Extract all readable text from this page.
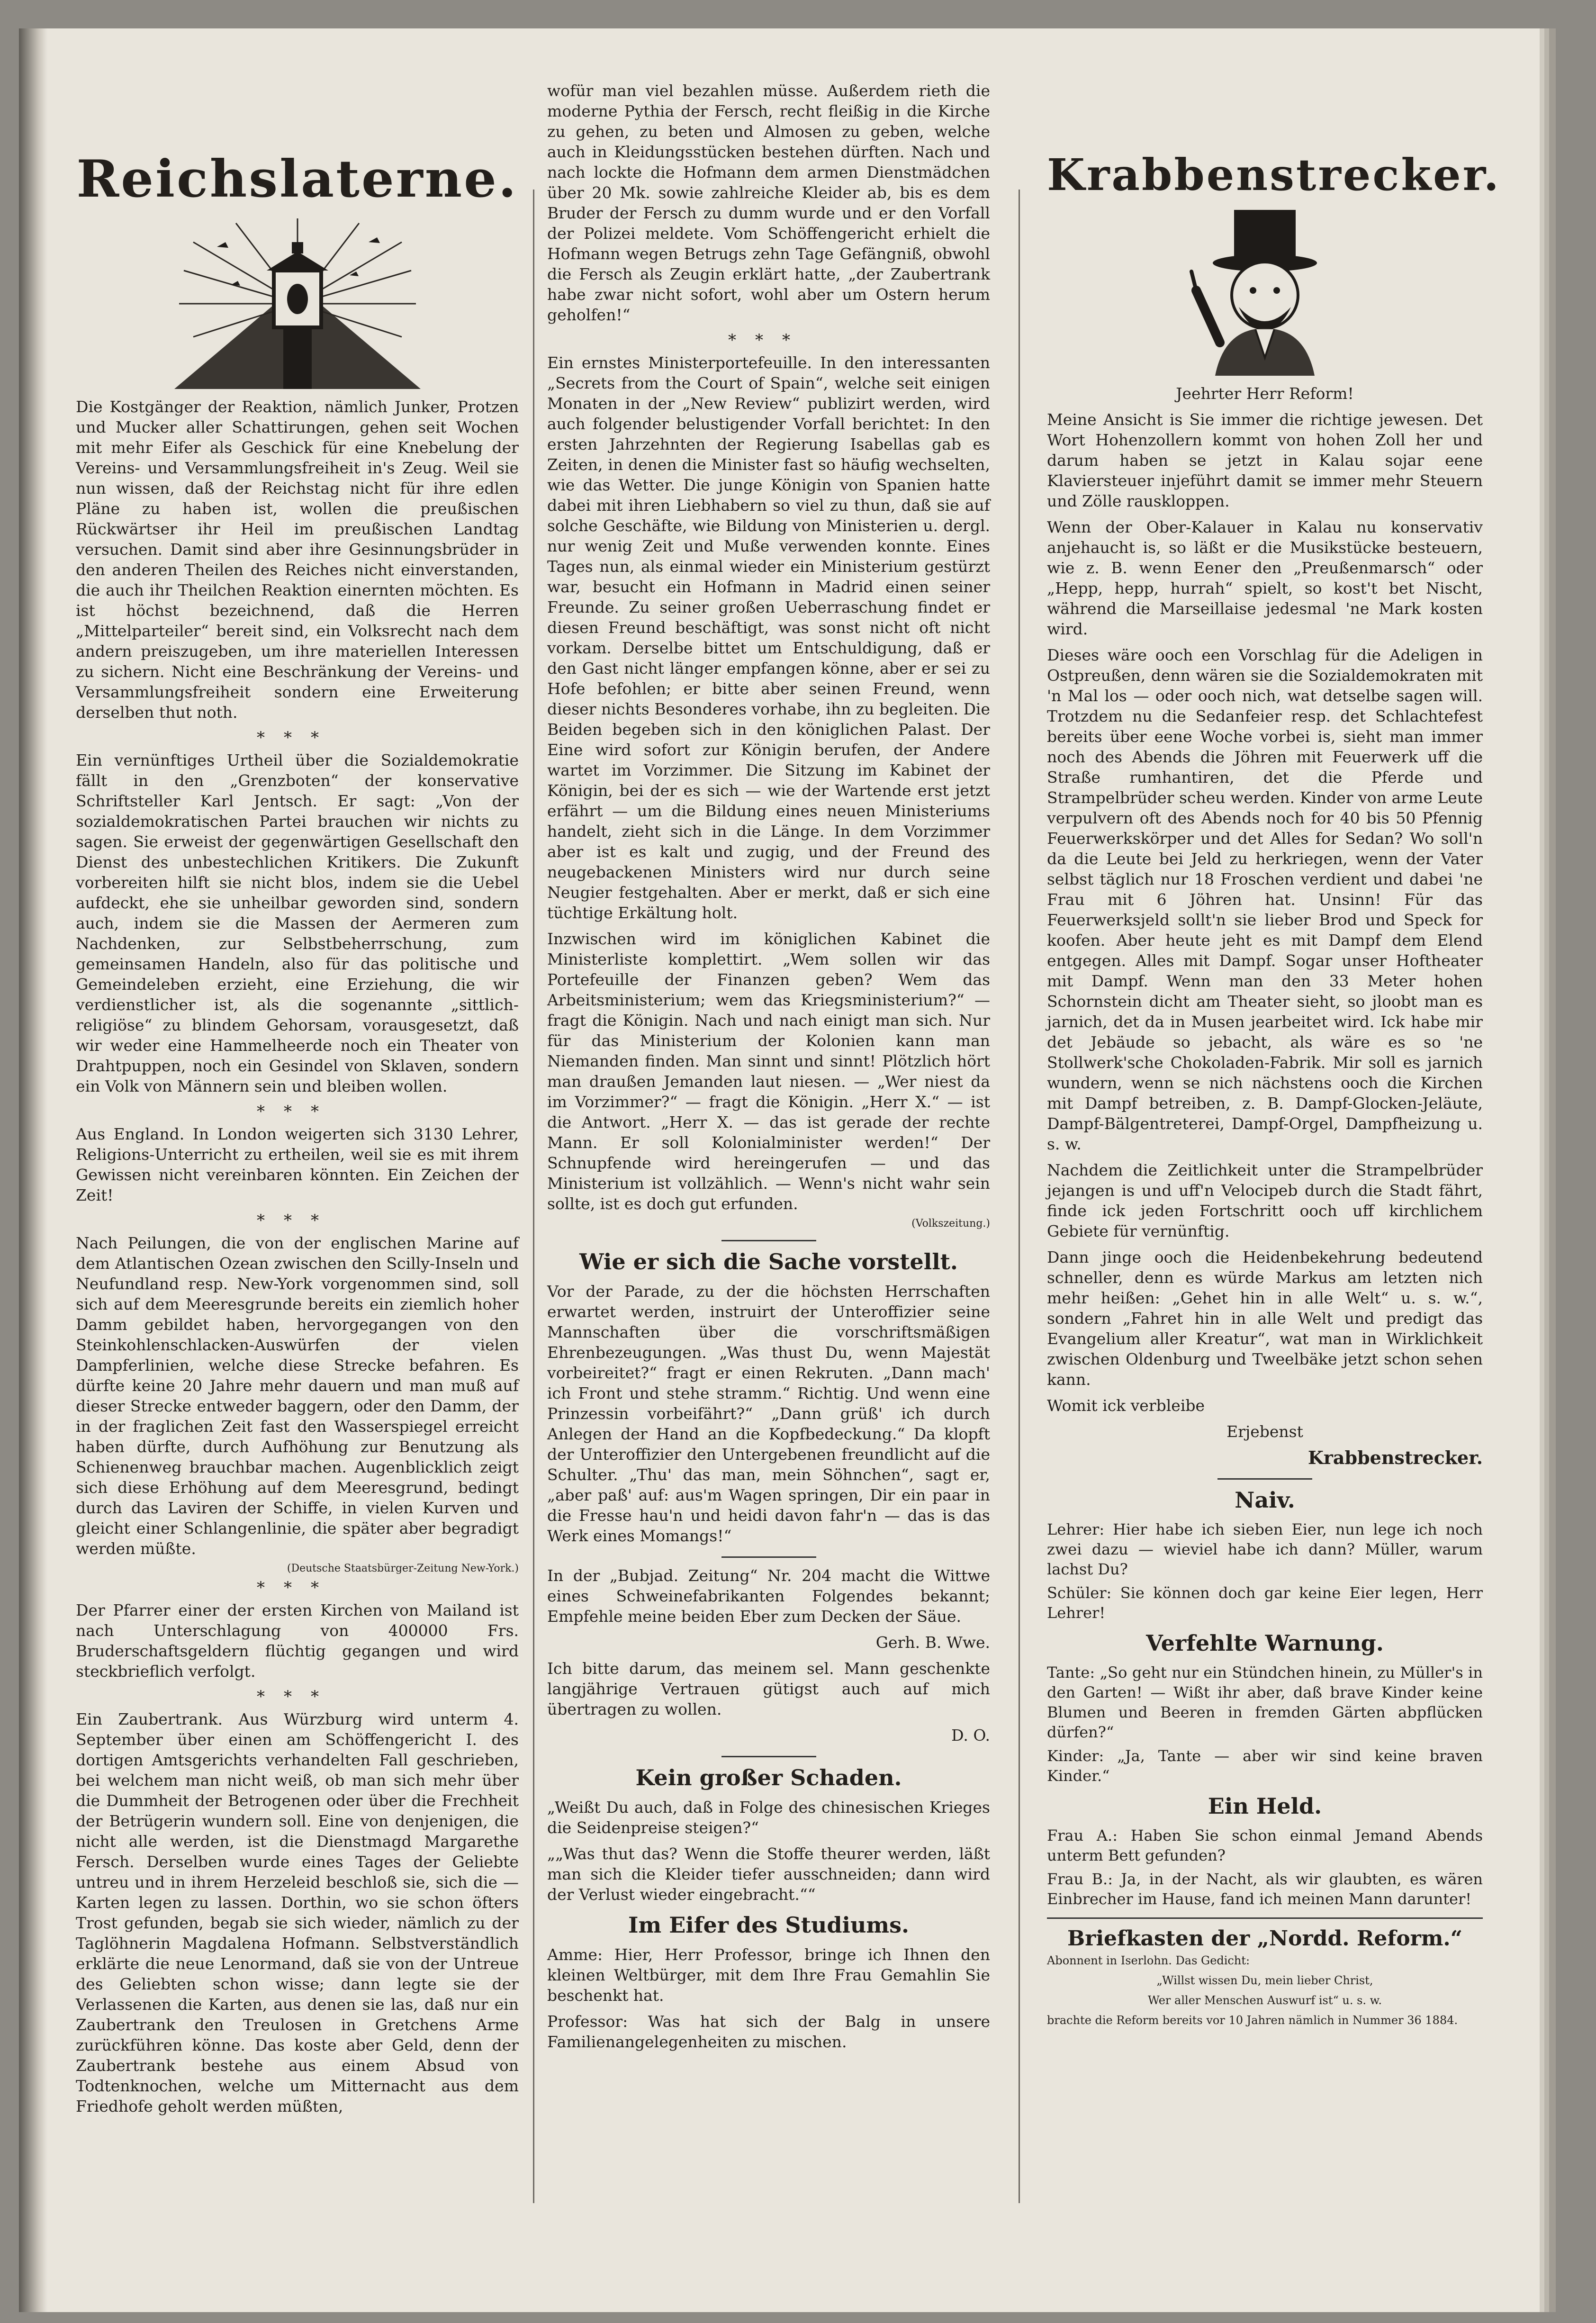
Reichslaterne.

Die Kostgänger der Reaktion, nämlich Junker, Protzen und Mucker aller Schattirungen, gehen seit Wochen mit mehr Eifer als Geschick für eine Knebelung der Vereins- und Versammlungsfreiheit in's Zeug. Weil sie nun wissen, daß der Reichstag nicht für ihre edlen Pläne zu haben ist, wollen die preußischen Rückwärtser ihr Heil im preußischen Landtag versuchen. Damit sind aber ihre Gesinnungsbrüder in den anderen Theilen des Reiches nicht einverstanden, die auch ihr Theilchen Reaktion einernten möchten. Es ist höchst bezeichnend, daß die Herren „Mittelparteiler“ bereit sind, ein Volksrecht nach dem andern preiszugeben, um ihre materiellen Interessen zu sichern. Nicht eine Beschränkung der Vereins- und Versammlungsfreiheit sondern eine Erweiterung derselben thut noth.

***

Ein vernünftiges Urtheil über die Sozialdemokratie fällt in den „Grenzboten“ der konservative Schriftsteller Karl Jentsch. Er sagt: „Von der sozialdemokratischen Partei brauchen wir nichts zu sagen. Sie erweist der gegenwärtigen Gesellschaft den Dienst des unbestechlichen Kritikers. Die Zukunft vorbereiten hilft sie nicht blos, indem sie die Uebel aufdeckt, ehe sie unheilbar geworden sind, sondern auch, indem sie die Massen der Aermeren zum Nachdenken, zur Selbstbeherrschung, zum gemeinsamen Handeln, also für das politische und Gemeindeleben erzieht, eine Erziehung, die wir verdienstlicher ist, als die sogenannte „sittlich-religiöse“ zu blindem Gehorsam, vorausgesetzt, daß wir weder eine Hammelheerde noch ein Theater von Drahtpuppen, noch ein Gesindel von Sklaven, sondern ein Volk von Männern sein und bleiben wollen.

***

Aus England. In London weigerten sich 3130 Lehrer, Religions-Unterricht zu ertheilen, weil sie es mit ihrem Gewissen nicht vereinbaren könnten. Ein Zeichen der Zeit!

***

Nach Peilungen, die von der englischen Marine auf dem Atlantischen Ozean zwischen den Scilly-Inseln und Neufundland resp. New-York vorgenommen sind, soll sich auf dem Meeresgrunde bereits ein ziemlich hoher Damm gebildet haben, hervorgegangen von den Steinkohlenschlacken-Auswürfen der vielen Dampferlinien, welche diese Strecke befahren. Es dürfte keine 20 Jahre mehr dauern und man muß auf dieser Strecke entweder baggern, oder den Damm, der in der fraglichen Zeit fast den Wasserspiegel erreicht haben dürfte, durch Aufhöhung zur Benutzung als Schienenweg brauchbar machen. Augenblicklich zeigt sich diese Erhöhung auf dem Meeresgrund, bedingt durch das Laviren der Schiffe, in vielen Kurven und gleicht einer Schlangenlinie, die später aber begradigt werden müßte.

(Deutsche Staatsbürger-Zeitung New-York.)
***

Der Pfarrer einer der ersten Kirchen von Mailand ist nach Unterschlagung von 400000 Frs. Bruderschaftsgeldern flüchtig gegangen und wird steckbrieflich verfolgt.

***

Ein Zaubertrank. Aus Würzburg wird unterm 4. September über einen am Schöffengericht I. des dortigen Amtsgerichts verhandelten Fall geschrieben, bei welchem man nicht weiß, ob man sich mehr über die Dummheit der Betrogenen oder über die Frechheit der Betrügerin wundern soll. Eine von denjenigen, die nicht alle werden, ist die Dienstmagd Margarethe Fersch. Derselben wurde eines Tages der Geliebte untreu und in ihrem Herzeleid beschloß sie, sich die — Karten legen zu lassen. Dorthin, wo sie schon öfters Trost gefunden, begab sie sich wieder, nämlich zu der Taglöhnerin Magdalena Hofmann. Selbstverständlich erklärte die neue Lenormand, daß sie von der Untreue des Geliebten schon wisse; dann legte sie der Verlassenen die Karten, aus denen sie las, daß nur ein Zaubertrank den Treulosen in Gretchens Arme zurückführen könne. Das koste aber Geld, denn der Zaubertrank bestehe aus einem Absud von Todtenknochen, welche um Mitternacht aus dem Friedhofe geholt werden müßten,

wofür man viel bezahlen müsse. Außerdem rieth die moderne Pythia der Fersch, recht fleißig in die Kirche zu gehen, zu beten und Almosen zu geben, welche auch in Kleidungsstücken bestehen dürften. Nach und nach lockte die Hofmann dem armen Dienstmädchen über 20 Mk. sowie zahlreiche Kleider ab, bis es dem Bruder der Fersch zu dumm wurde und er den Vorfall der Polizei meldete. Vom Schöffengericht erhielt die Hofmann wegen Betrugs zehn Tage Gefängniß, obwohl die Fersch als Zeugin erklärt hatte, „der Zaubertrank habe zwar nicht sofort, wohl aber um Ostern herum geholfen!“

***

Ein ernstes Ministerportefeuille. In den interessanten „Secrets from the Court of Spain“, welche seit einigen Monaten in der „New Review“ publizirt werden, wird auch folgender belustigender Vorfall berichtet: In den ersten Jahrzehnten der Regierung Isabellas gab es Zeiten, in denen die Minister fast so häufig wechselten, wie das Wetter. Die junge Königin von Spanien hatte dabei mit ihren Liebhabern so viel zu thun, daß sie auf solche Geschäfte, wie Bildung von Ministerien u. dergl. nur wenig Zeit und Muße verwenden konnte. Eines Tages nun, als einmal wieder ein Ministerium gestürzt war, besucht ein Hofmann in Madrid einen seiner Freunde. Zu seiner großen Ueberraschung findet er diesen Freund beschäftigt, was sonst nicht oft nicht vorkam. Derselbe bittet um Entschuldigung, daß er den Gast nicht länger empfangen könne, aber er sei zu Hofe befohlen; er bitte aber seinen Freund, wenn dieser nichts Besonderes vorhabe, ihn zu begleiten. Die Beiden begeben sich in den königlichen Palast. Der Eine wird sofort zur Königin berufen, der Andere wartet im Vorzimmer. Die Sitzung im Kabinet der Königin, bei der es sich — wie der Wartende erst jetzt erfährt — um die Bildung eines neuen Ministeriums handelt, zieht sich in die Länge. In dem Vorzimmer aber ist es kalt und zugig, und der Freund des neugebackenen Ministers wird nur durch seine Neugier festgehalten. Aber er merkt, daß er sich eine tüchtige Erkältung holt.

Inzwischen wird im königlichen Kabinet die Ministerliste komplettirt. „Wem sollen wir das Portefeuille der Finanzen geben? Wem das Arbeitsministerium; wem das Kriegsministerium?“ — fragt die Königin. Nach und nach einigt man sich. Nur für das Ministerium der Kolonien kann man Niemanden finden. Man sinnt und sinnt! Plötzlich hört man draußen Jemanden laut niesen. — „Wer niest da im Vorzimmer?“ — fragt die Königin. „Herr X.“ — ist die Antwort. „Herr X. — das ist gerade der rechte Mann. Er soll Kolonialminister werden!“ Der Schnupfende wird hereingerufen — und das Ministerium ist vollzählich. — Wenn's nicht wahr sein sollte, ist es doch gut erfunden.

(Volkszeitung.)
Wie er sich die Sache vorstellt.

Vor der Parade, zu der die höchsten Herrschaften erwartet werden, instruirt der Unteroffizier seine Mannschaften über die vorschriftsmäßigen Ehrenbezeugungen. „Was thust Du, wenn Majestät vorbeireitet?“ fragt er einen Rekruten. „Dann mach' ich Front und stehe stramm.“ Richtig. Und wenn eine Prinzessin vorbeifährt?“ „Dann grüß' ich durch Anlegen der Hand an die Kopfbedeckung.“ Da klopft der Unteroffizier den Untergebenen freundlicht auf die Schulter. „Thu' das man, mein Söhnchen“, sagt er, „aber paß' auf: aus'm Wagen springen, Dir ein paar in die Fresse hau'n und heidi davon fahr'n — das is das Werk eines Momangs!“

In der „Bubjad. Zeitung“ Nr. 204 macht die Wittwe eines Schweinefabrikanten Folgendes bekannt; Empfehle meine beiden Eber zum Decken der Säue.

Gerh. B. Wwe.

Ich bitte darum, das meinem sel. Mann geschenkte langjährige Vertrauen gütigst auch auf mich übertragen zu wollen.

D. O.

Kein großer Schaden.

„Weißt Du auch, daß in Folge des chinesischen Krieges die Seidenpreise steigen?“

„„Was thut das? Wenn die Stoffe theurer werden, läßt man sich die Kleider tiefer ausschneiden; dann wird der Verlust wieder eingebracht.““

Im Eifer des Studiums.

Amme: Hier, Herr Professor, bringe ich Ihnen den kleinen Weltbürger, mit dem Ihre Frau Gemahlin Sie beschenkt hat.

Professor: Was hat sich der Balg in unsere Familienangelegenheiten zu mischen.

Krabbenstrecker.

Jeehrter Herr Reform!

Meine Ansicht is Sie immer die richtige jewesen. Det Wort Hohenzollern kommt von hohen Zoll her und darum haben se jetzt in Kalau sojar eene Klaviersteuer injeführt damit se immer mehr Steuern und Zölle rauskloppen.

Wenn der Ober-Kalauer in Kalau nu konservativ anjehaucht is, so läßt er die Musikstücke besteuern, wie z. B. wenn Eener den „Preußenmarsch“ oder „Hepp, hepp, hurrah“ spielt, so kost't bet Nischt, während die Marseillaise jedesmal 'ne Mark kosten wird.

Dieses wäre ooch een Vorschlag für die Adeligen in Ostpreußen, denn wären sie die Sozialdemokraten mit 'n Mal los — oder ooch nich, wat detselbe sagen will. Trotzdem nu die Sedanfeier resp. det Schlachtefest bereits über eene Woche vorbei is, sieht man immer noch des Abends die Jöhren mit Feuerwerk uff die Straße rumhantiren, det die Pferde und Strampelbrüder scheu werden. Kinder von arme Leute verpulvern oft des Abends noch for 40 bis 50 Pfennig Feuerwerkskörper und det Alles for Sedan? Wo soll'n da die Leute bei Jeld zu herkriegen, wenn der Vater selbst täglich nur 18 Froschen verdient und dabei 'ne Frau mit 6 Jöhren hat. Unsinn! Für das Feuerwerksjeld sollt'n sie lieber Brod und Speck for koofen. Aber heute jeht es mit Dampf dem Elend entgegen. Alles mit Dampf. Sogar unser Hoftheater mit Dampf. Wenn man den 33 Meter hohen Schornstein dicht am Theater sieht, so jloobt man es jarnich, det da in Musen jearbeitet wird. Ick habe mir det Jebäude so jebacht, als wäre es so 'ne Stollwerk'sche Chokoladen-Fabrik. Mir soll es jarnich wundern, wenn se nich nächstens ooch die Kirchen mit Dampf betreiben, z. B. Dampf-Glocken-Jeläute, Dampf-Bälgentreterei, Dampf-Orgel, Dampfheizung u. s. w.

Nachdem die Zeitlichkeit unter die Strampelbrüder jejangen is und uff'n Velocipeb durch die Stadt fährt, finde ick jeden Fortschritt ooch uff kirchlichem Gebiete für vernünftig.

Dann jinge ooch die Heidenbekehrung bedeutend schneller, denn es würde Markus am letzten nich mehr heißen: „Gehet hin in alle Welt“ u. s. w.“, sondern „Fahret hin in alle Welt und predigt das Evangelium aller Kreatur“, wat man in Wirklichkeit zwischen Oldenburg und Tweelbäke jetzt schon sehen kann.

Womit ick verbleibe

Erjebenst

Krabbenstrecker.

Naiv.

Lehrer: Hier habe ich sieben Eier, nun lege ich noch zwei dazu — wieviel habe ich dann? Müller, warum lachst Du?

Schüler: Sie können doch gar keine Eier legen, Herr Lehrer!

Verfehlte Warnung.

Tante: „So geht nur ein Stündchen hinein, zu Müller's in den Garten! — Wißt ihr aber, daß brave Kinder keine Blumen und Beeren in fremden Gärten abpflücken dürfen?“

Kinder: „Ja, Tante — aber wir sind keine braven Kinder.“

Ein Held.

Frau A.: Haben Sie schon einmal Jemand Abends unterm Bett gefunden?

Frau B.: Ja, in der Nacht, als wir glaubten, es wären Einbrecher im Hause, fand ich meinen Mann darunter!

Briefkasten der „Nordd. Reform.“

Abonnent in Iserlohn. Das Gedicht:

„Willst wissen Du, mein lieber Christ,

Wer aller Menschen Auswurf ist“ u. s. w.

brachte die Reform bereits vor 10 Jahren nämlich in Nummer 36 1884.
